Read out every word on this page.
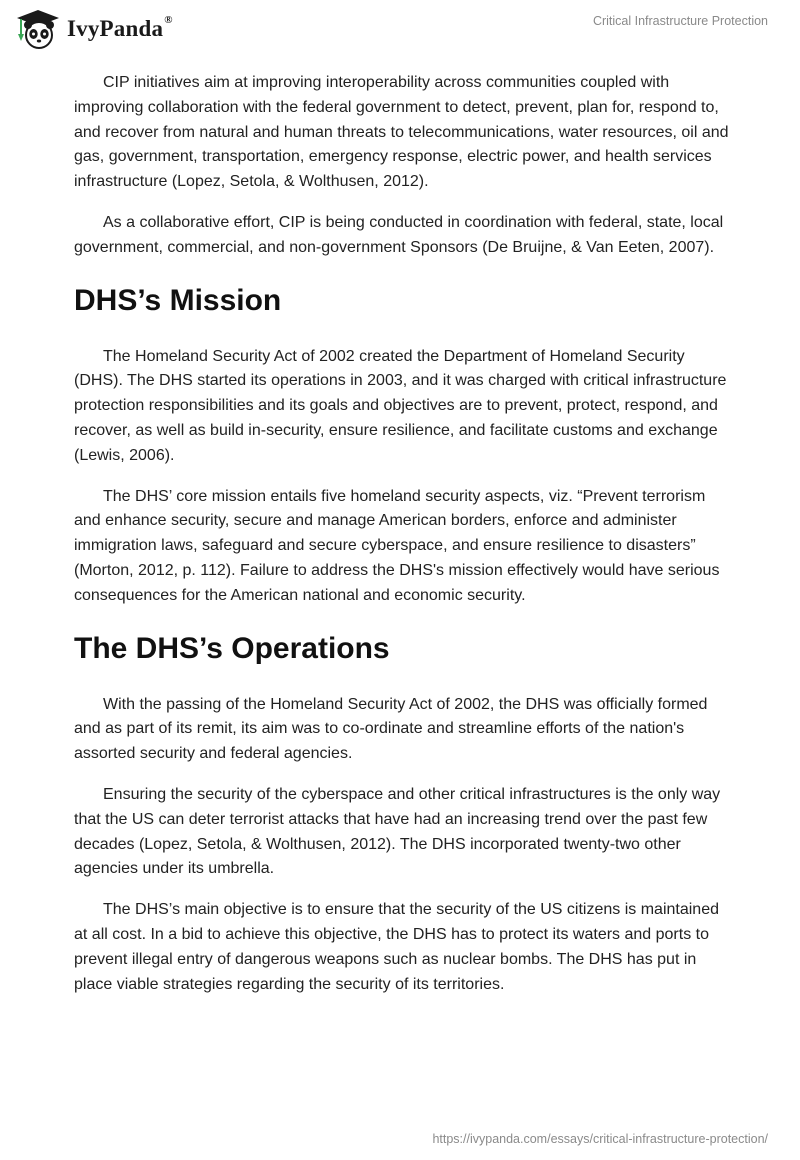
IvyPanda®	Critical Infrastructure Protection

CIP initiatives aim at improving interoperability across communities coupled with improving collaboration with the federal government to detect, prevent, plan for, respond to, and recover from natural and human threats to telecommunications, water resources, oil and gas, government, transportation, emergency response, electric power, and health services infrastructure (Lopez, Setola, & Wolthusen, 2012).

As a collaborative effort, CIP is being conducted in coordination with federal, state, local government, commercial, and non-government Sponsors (De Bruijne, & Van Eeten, 2007).

DHS’s Mission

The Homeland Security Act of 2002 created the Department of Homeland Security (DHS). The DHS started its operations in 2003, and it was charged with critical infrastructure protection responsibilities and its goals and objectives are to prevent, protect, respond, and recover, as well as build in-security, ensure resilience, and facilitate customs and exchange (Lewis, 2006).

The DHS’ core mission entails five homeland security aspects, viz. “Prevent terrorism and enhance security, secure and manage American borders, enforce and administer immigration laws, safeguard and secure cyberspace, and ensure resilience to disasters” (Morton, 2012, p. 112). Failure to address the DHS's mission effectively would have serious consequences for the American national and economic security.

The DHS’s Operations

With the passing of the Homeland Security Act of 2002, the DHS was officially formed and as part of its remit, its aim was to co-ordinate and streamline efforts of the nation's assorted security and federal agencies.

Ensuring the security of the cyberspace and other critical infrastructures is the only way that the US can deter terrorist attacks that have had an increasing trend over the past few decades (Lopez, Setola, & Wolthusen, 2012). The DHS incorporated twenty-two other agencies under its umbrella.

The DHS’s main objective is to ensure that the security of the US citizens is maintained at all cost. In a bid to achieve this objective, the DHS has to protect its waters and ports to prevent illegal entry of dangerous weapons such as nuclear bombs. The DHS has put in place viable strategies regarding the security of its territories.

https://ivypanda.com/essays/critical-infrastructure-protection/
